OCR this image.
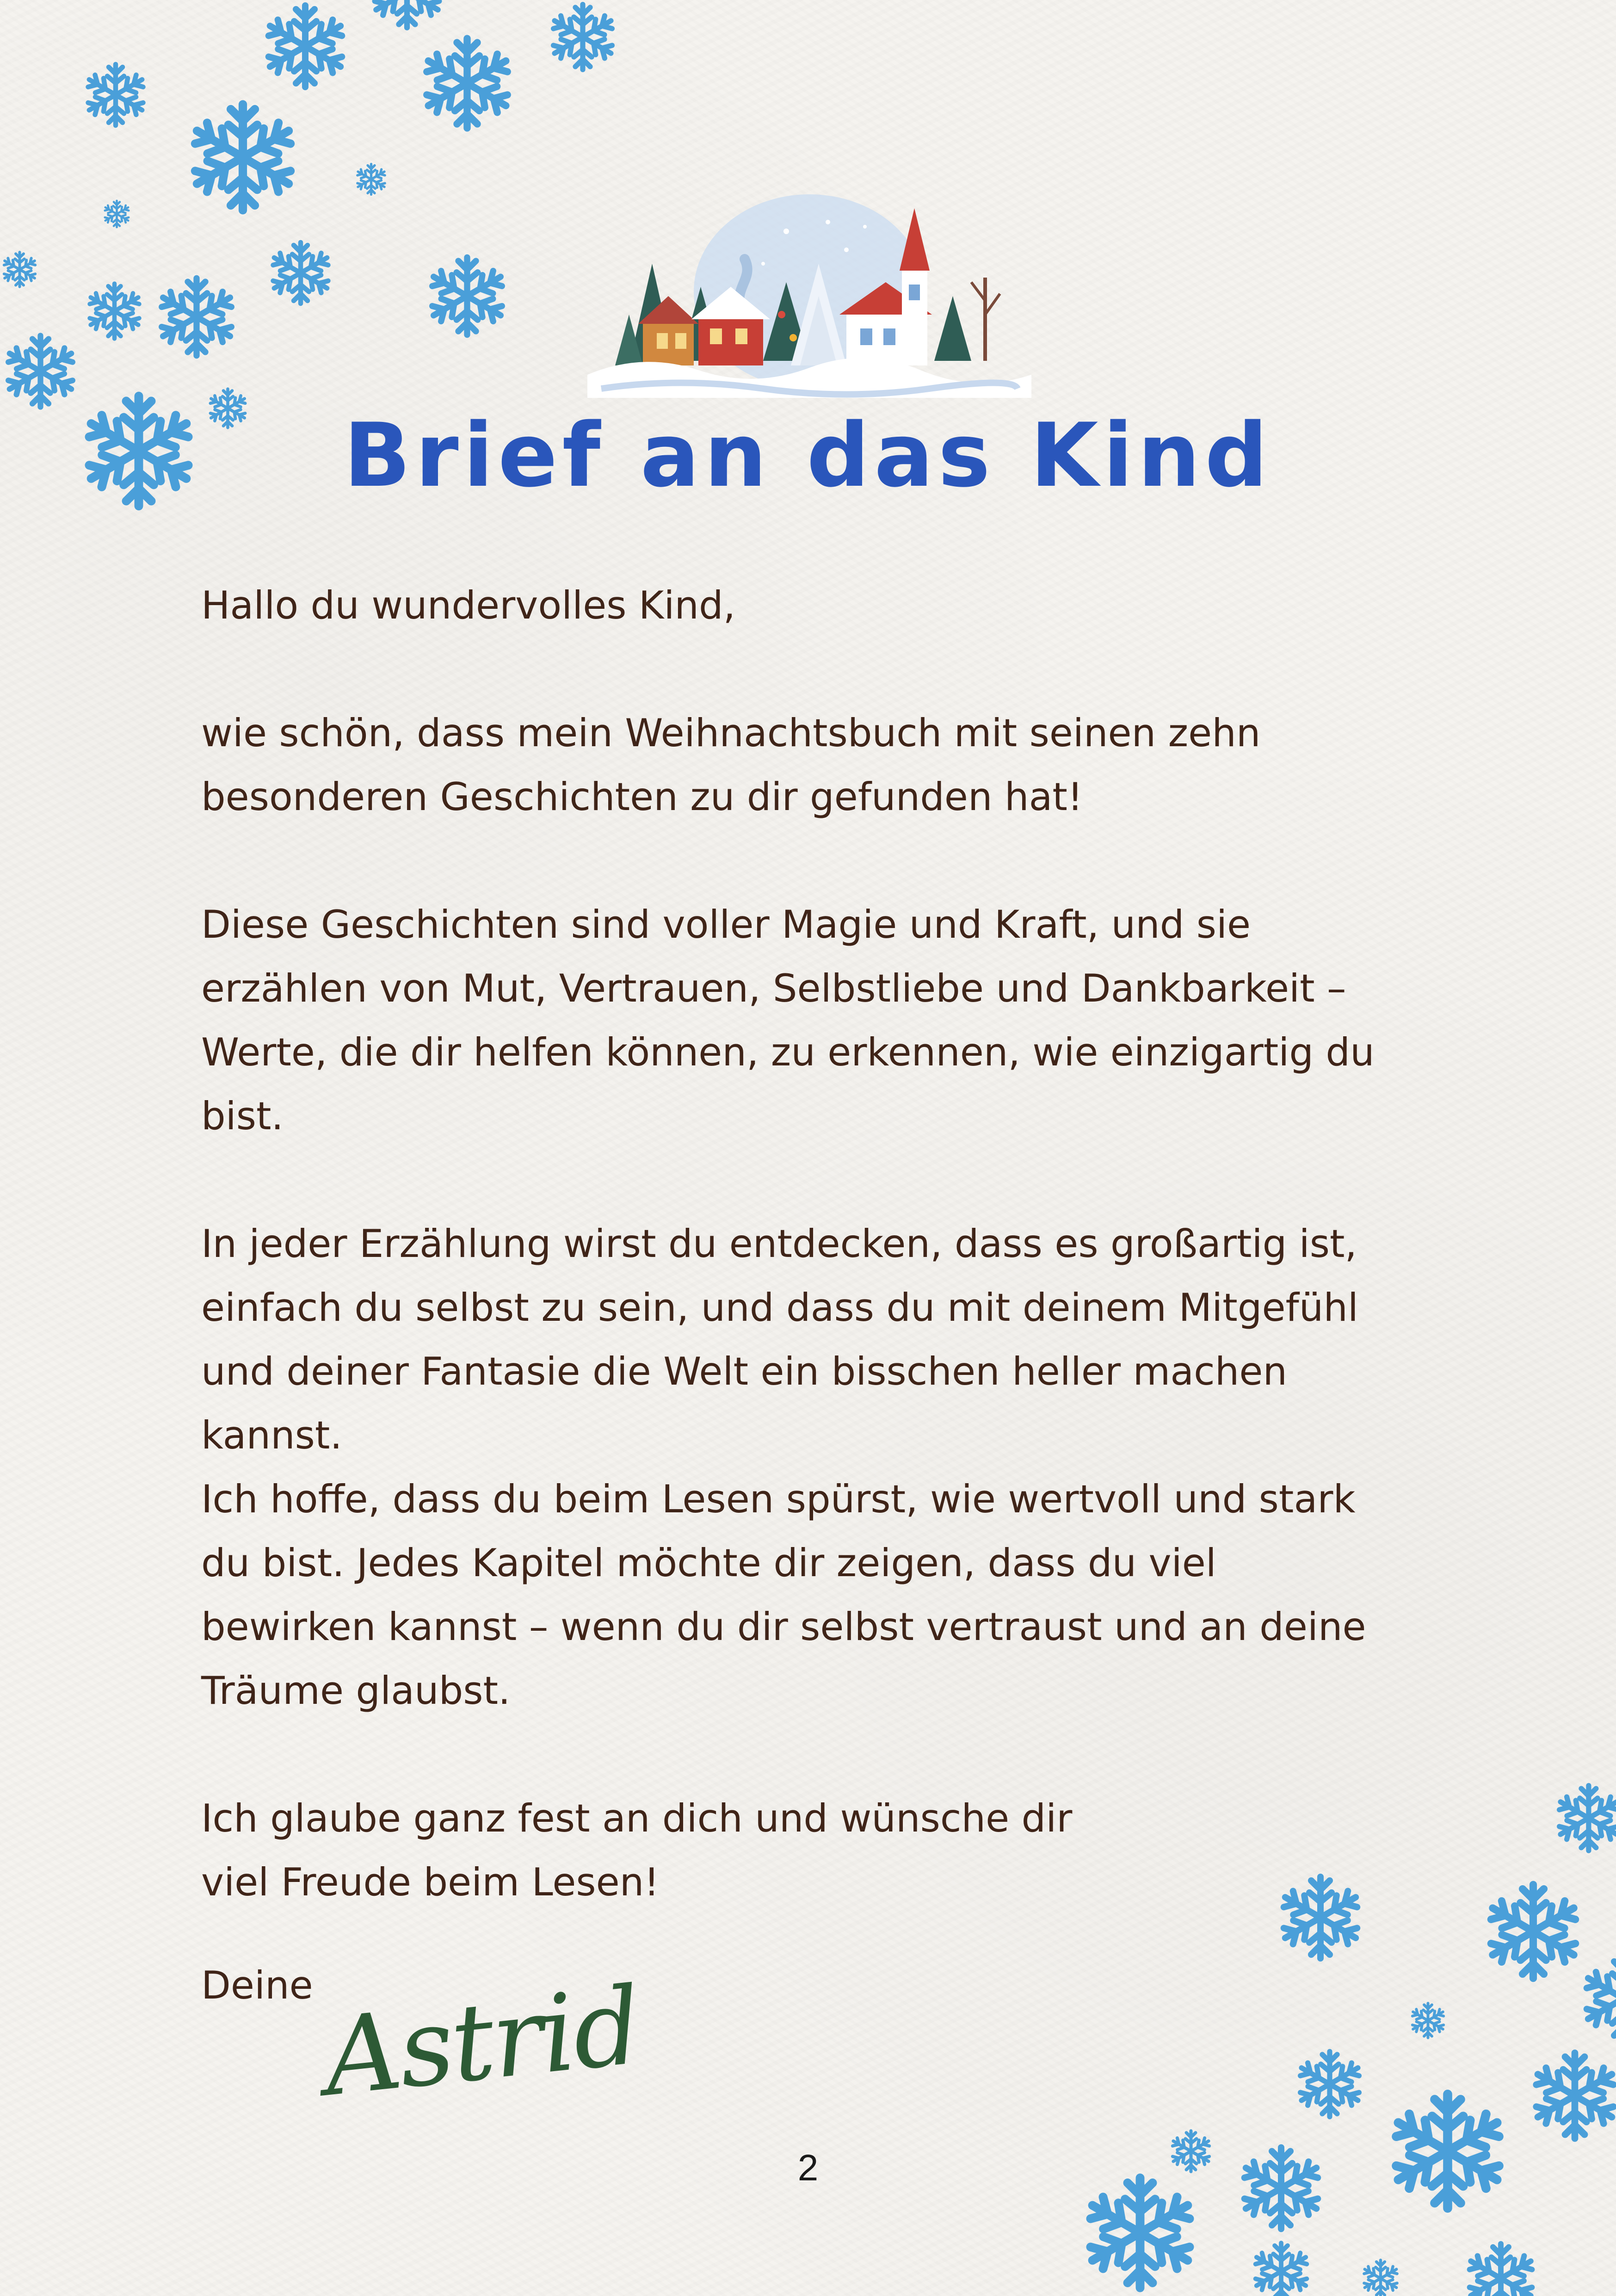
Brief an das Kind

Hallo du wundervolles Kind,

wie schön, dass mein Weihnachtsbuch mit seinen zehn

besonderen Geschichten zu dir gefunden hat!

Diese Geschichten sind voller Magie und Kraft, und sie

erzählen von Mut, Vertrauen, Selbstliebe und Dankbarkeit –

Werte, die dir helfen können, zu erkennen, wie einzigartig du

bist.

In jeder Erzählung wirst du entdecken, dass es großartig ist,

einfach du selbst zu sein, und dass du mit deinem Mitgefühl

und deiner Fantasie die Welt ein bisschen heller machen

kannst.

Ich hoffe, dass du beim Lesen spürst, wie wertvoll und stark

du bist. Jedes Kapitel möchte dir zeigen, dass du viel

bewirken kannst – wenn du dir selbst vertraust und an deine

Träume glaubst.

Ich glaube ganz fest an dich und wünsche dir

viel Freude beim Lesen!

Deine Astrid
2
